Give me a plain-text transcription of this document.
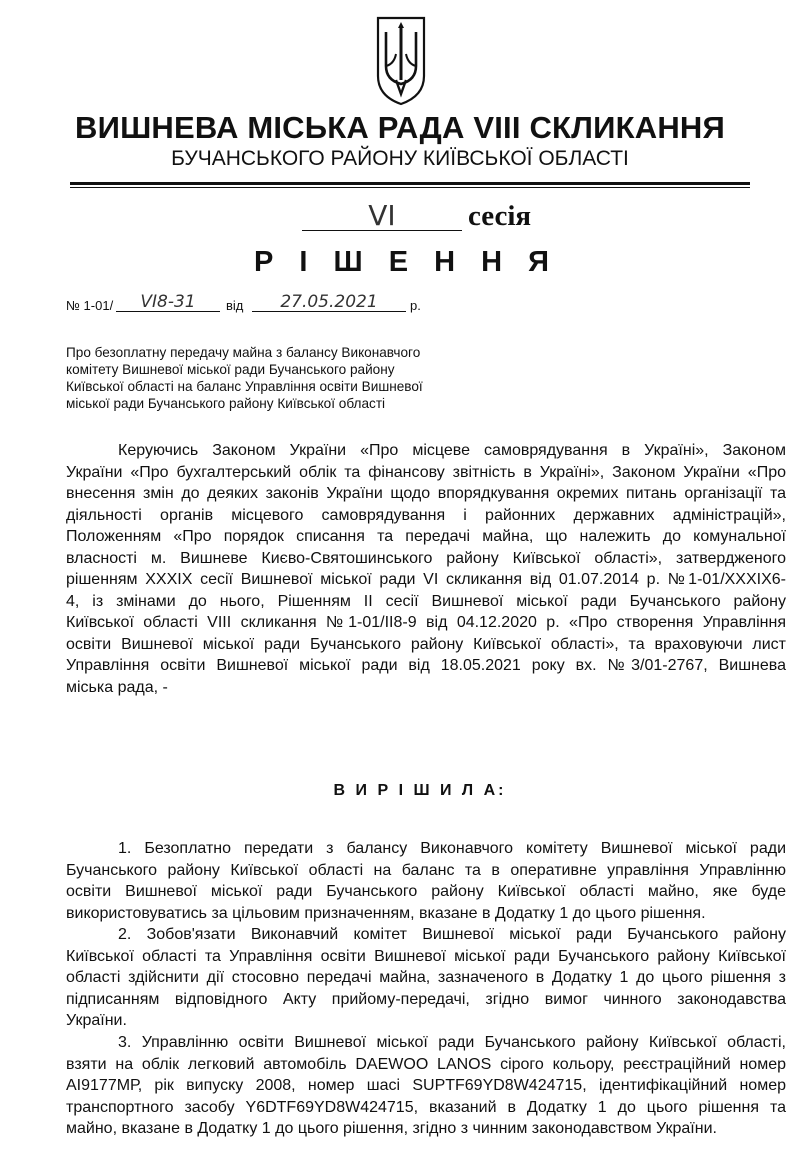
ВИШНЕВА МІСЬКА РАДА VIII СКЛИКАННЯ
БУЧАНСЬКОГО РАЙОНУ КИЇВСЬКОЇ ОБЛАСТІ
VI	сесія
Р І Ш Е Н Н Я
№ 1-01/	VI8-31	від	27.05.2021	р.
Про безоплатну передачу майна з балансу Виконавчого
комітету Вишневої міської ради Бучанського району
Київської області на баланс Управління освіти Вишневої
міської ради Бучанського району Київської області
Керуючись Законом України «Про місцеве самоврядування в Україні», Законом
України «Про бухгалтерський облік та фінансову звітність в Україні», Законом України «Про
внесення змін до деяких законів України щодо впорядкування окремих питань організації та
діяльності органів місцевого самоврядування і районних державних адміністрацій»,
Положенням «Про порядок списання та передачі майна, що належить до комунальної
власності м. Вишневе Києво-Святошинського району Київської області», затвердженого
рішенням XXXIX сесії Вишневої міської ради VI скликання від 01.07.2014 р. №1-01/XXXIX6-
4, із змінами до нього, Рішенням II сесії Вишневої міської ради Бучанського району
Київської області VIII скликання №1-01/II8-9 від 04.12.2020 р. «Про створення Управління
освіти Вишневої міської ради Бучанського району Київської області», та враховуючи лист
Управління освіти Вишневої міської ради від 18.05.2021 року вх. №3/01-2767, Вишнева
міська рада, -
В И Р І Ш И Л А:
1. Безоплатно передати з балансу Виконавчого комітету Вишневої міської ради
Бучанського району Київської області на баланс та в оперативне управління Управлінню
освіти Вишневої міської ради Бучанського району Київської області майно, яке буде
використовуватись за цільовим призначенням, вказане в Додатку 1 до цього рішення.
2. Зобов'язати Виконавчий комітет Вишневої міської ради Бучанського району
Київської області та Управління освіти Вишневої міської ради Бучанського району Київської
області здійснити дії стосовно передачі майна, зазначеного в Додатку 1 до цього рішення з
підписанням відповідного Акту прийому-передачі, згідно вимог чинного законодавства
України.
3. Управлінню освіти Вишневої міської ради Бучанського району Київської області,
взяти на облік легковий автомобіль DAEWOO LANOS сірого кольору, реєстраційний номер
АІ9177МР, рік випуску 2008, номер шасі SUPTF69YD8W424715, ідентифікаційний номер
транспортного засобу Y6DTF69YD8W424715, вказаний в Додатку 1 до цього рішення та
майно, вказане в Додатку 1 до цього рішення, згідно з чинним законодавством України.
